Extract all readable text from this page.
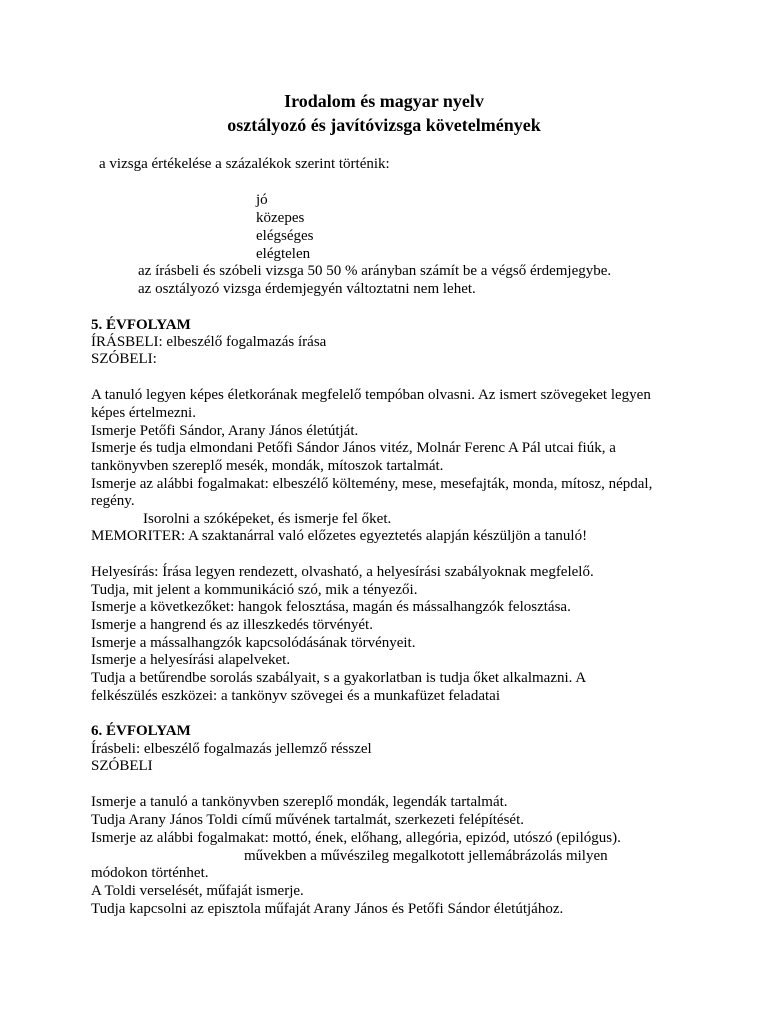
Irodalom és magyar nyelv
osztályozó és javítóvizsga követelmények
a vizsga értékelése a százalékok szerint történik:
jó
közepes
elégséges
elégtelen
az írásbeli és szóbeli vizsga 50 50 % arányban számít be a végső érdemjegybe.
az osztályozó vizsga érdemjegyén változtatni nem lehet.
5. ÉVFOLYAM
ÍRÁSBELI: elbeszélő fogalmazás írása
SZÓBELI:
A tanuló legyen képes életkorának megfelelő tempóban olvasni. Az ismert szövegeket legyen
képes értelmezni.
Ismerje Petőfi Sándor, Arany János életútját.
Ismerje és tudja elmondani Petőfi Sándor János vitéz, Molnár Ferenc A Pál utcai fiúk, a
tankönyvben szereplő mesék, mondák, mítoszok tartalmát.
Ismerje az alábbi fogalmakat: elbeszélő költemény, mese, mesefajták, monda, mítosz, népdal,
regény.
Isorolni a szóképeket, és ismerje fel őket.
MEMORITER: A szaktanárral való előzetes egyeztetés alapján készüljön a tanuló!
Helyesírás: Írása legyen rendezett, olvasható, a helyesírási szabályoknak megfelelő.
Tudja, mit jelent a kommunikáció szó, mik a tényezői.
Ismerje a következőket: hangok felosztása, magán és mássalhangzók felosztása.
Ismerje a hangrend és az illeszkedés törvényét.
Ismerje a mássalhangzók kapcsolódásának törvényeit.
Ismerje a helyesírási alapelveket.
Tudja a betűrendbe sorolás szabályait, s a gyakorlatban is tudja őket alkalmazni. A
felkészülés eszközei: a tankönyv szövegei és a munkafüzet feladatai
6. ÉVFOLYAM
Írásbeli: elbeszélő fogalmazás jellemző résszel
SZÓBELI
Ismerje a tanuló a tankönyvben szereplő mondák, legendák tartalmát.
Tudja Arany János Toldi című művének tartalmát, szerkezeti felépítését.
Ismerje az alábbi fogalmakat: mottó, ének, előhang, allegória, epizód, utószó (epilógus).
művekben a művészileg megalkotott jellemábrázolás milyen
módokon történhet.
A Toldi verselését, műfaját ismerje.
Tudja kapcsolni az episztola műfaját Arany János és Petőfi Sándor életútjához.
